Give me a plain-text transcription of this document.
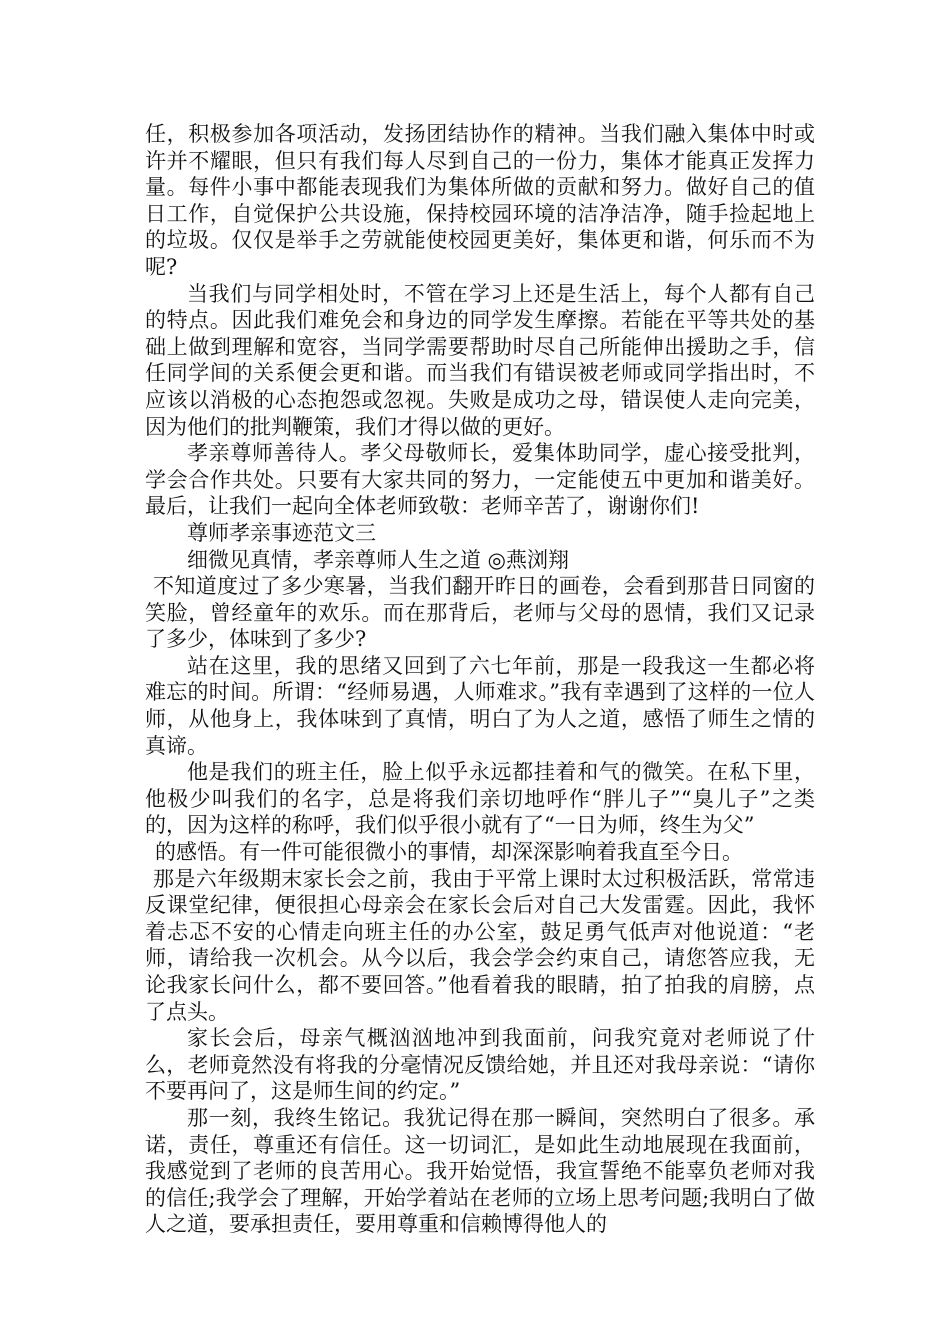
任，积极参加各项活动，发扬团结协作的精神。当我们融入集体中时或许并不耀眼，但只有我们每人尽到自己的一份力，集体才能真正发挥力量。每件小事中都能表现我们为集体所做的贡献和努力。做好自己的值日工作，自觉保护公共设施，保持校园环境的洁净洁净，随手捡起地上的垃圾。仅仅是举手之劳就能使校园更美好，集体更和谐，何乐而不为呢?

当我们与同学相处时，不管在学习上还是生活上，每个人都有自己的特点。因此我们难免会和身边的同学发生摩擦。若能在平等共处的基础上做到理解和宽容，当同学需要帮助时尽自己所能伸出援助之手，信任同学间的关系便会更和谐。而当我们有错误被老师或同学指出时，不应该以消极的心态抱怨或忽视。失败是成功之母，错误使人走向完美，因为他们的批判鞭策，我们才得以做的更好。

孝亲尊师善待人。孝父母敬师长，爱集体助同学，虚心接受批判，学会合作共处。只要有大家共同的努力，一定能使五中更加和谐美好。最后，让我们一起向全体老师致敬：老师辛苦了，谢谢你们!

尊师孝亲事迹范文三

细微见真情，孝亲尊师人生之道 ◎燕浏翔

不知道度过了多少寒暑，当我们翻开昨日的画卷，会看到那昔日同窗的笑脸，曾经童年的欢乐。而在那背后，老师与父母的恩情，我们又记录了多少，体味到了多少?

站在这里，我的思绪又回到了六七年前，那是一段我这一生都必将难忘的时间。所谓：“经师易遇，人师难求。”我有幸遇到了这样的一位人师，从他身上，我体味到了真情，明白了为人之道，感悟了师生之情的真谛。

他是我们的班主任，脸上似乎永远都挂着和气的微笑。在私下里，他极少叫我们的名字，总是将我们亲切地呼作“胖儿子”“臭儿子”之类的，因为这样的称呼，我们似乎很小就有了“一日为师，终生为父”

的感悟。有一件可能很微小的事情，却深深影响着我直至今日。

那是六年级期末家长会之前，我由于平常上课时太过积极活跃，常常违反课堂纪律，便很担心母亲会在家长会后对自己大发雷霆。因此，我怀着忐忑不安的心情走向班主任的办公室，鼓足勇气低声对他说道：“老师，请给我一次机会。从今以后，我会学会约束自己，请您答应我，无论我家长问什么，都不要回答。”他看着我的眼睛，拍了拍我的肩膀，点了点头。

家长会后，母亲气概汹汹地冲到我面前，问我究竟对老师说了什么，老师竟然没有将我的分毫情况反馈给她，并且还对我母亲说：“请你不要再问了，这是师生间的约定。”

那一刻，我终生铭记。我犹记得在那一瞬间，突然明白了很多。承诺，责任，尊重还有信任。这一切词汇，是如此生动地展现在我面前，我感觉到了老师的良苦用心。我开始觉悟，我宣誓绝不能辜负老师对我的信任;我学会了理解，开始学着站在老师的立场上思考问题;我明白了做人之道，要承担责任，要用尊重和信赖博得他人的
